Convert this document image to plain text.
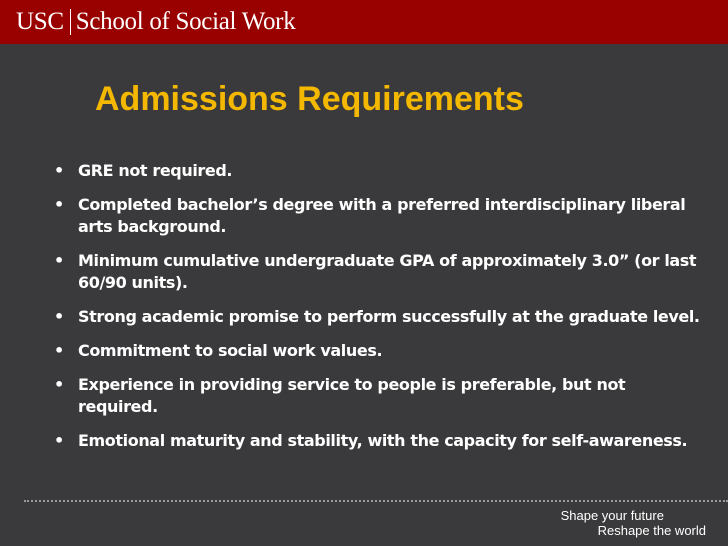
USC School of Social Work
Admissions Requirements
• GRE not required.
• Completed bachelor’s degree with a preferred interdisciplinary liberal arts background.
• Minimum cumulative undergraduate GPA of approximately 3.0” (or last 60/90 units).
• Strong academic promise to perform successfully at the graduate level.
• Commitment to social work values.
• Experience in providing service to people is preferable, but not required.
• Emotional maturity and stability, with the capacity for self-awareness.
Shape your future
Reshape the world
